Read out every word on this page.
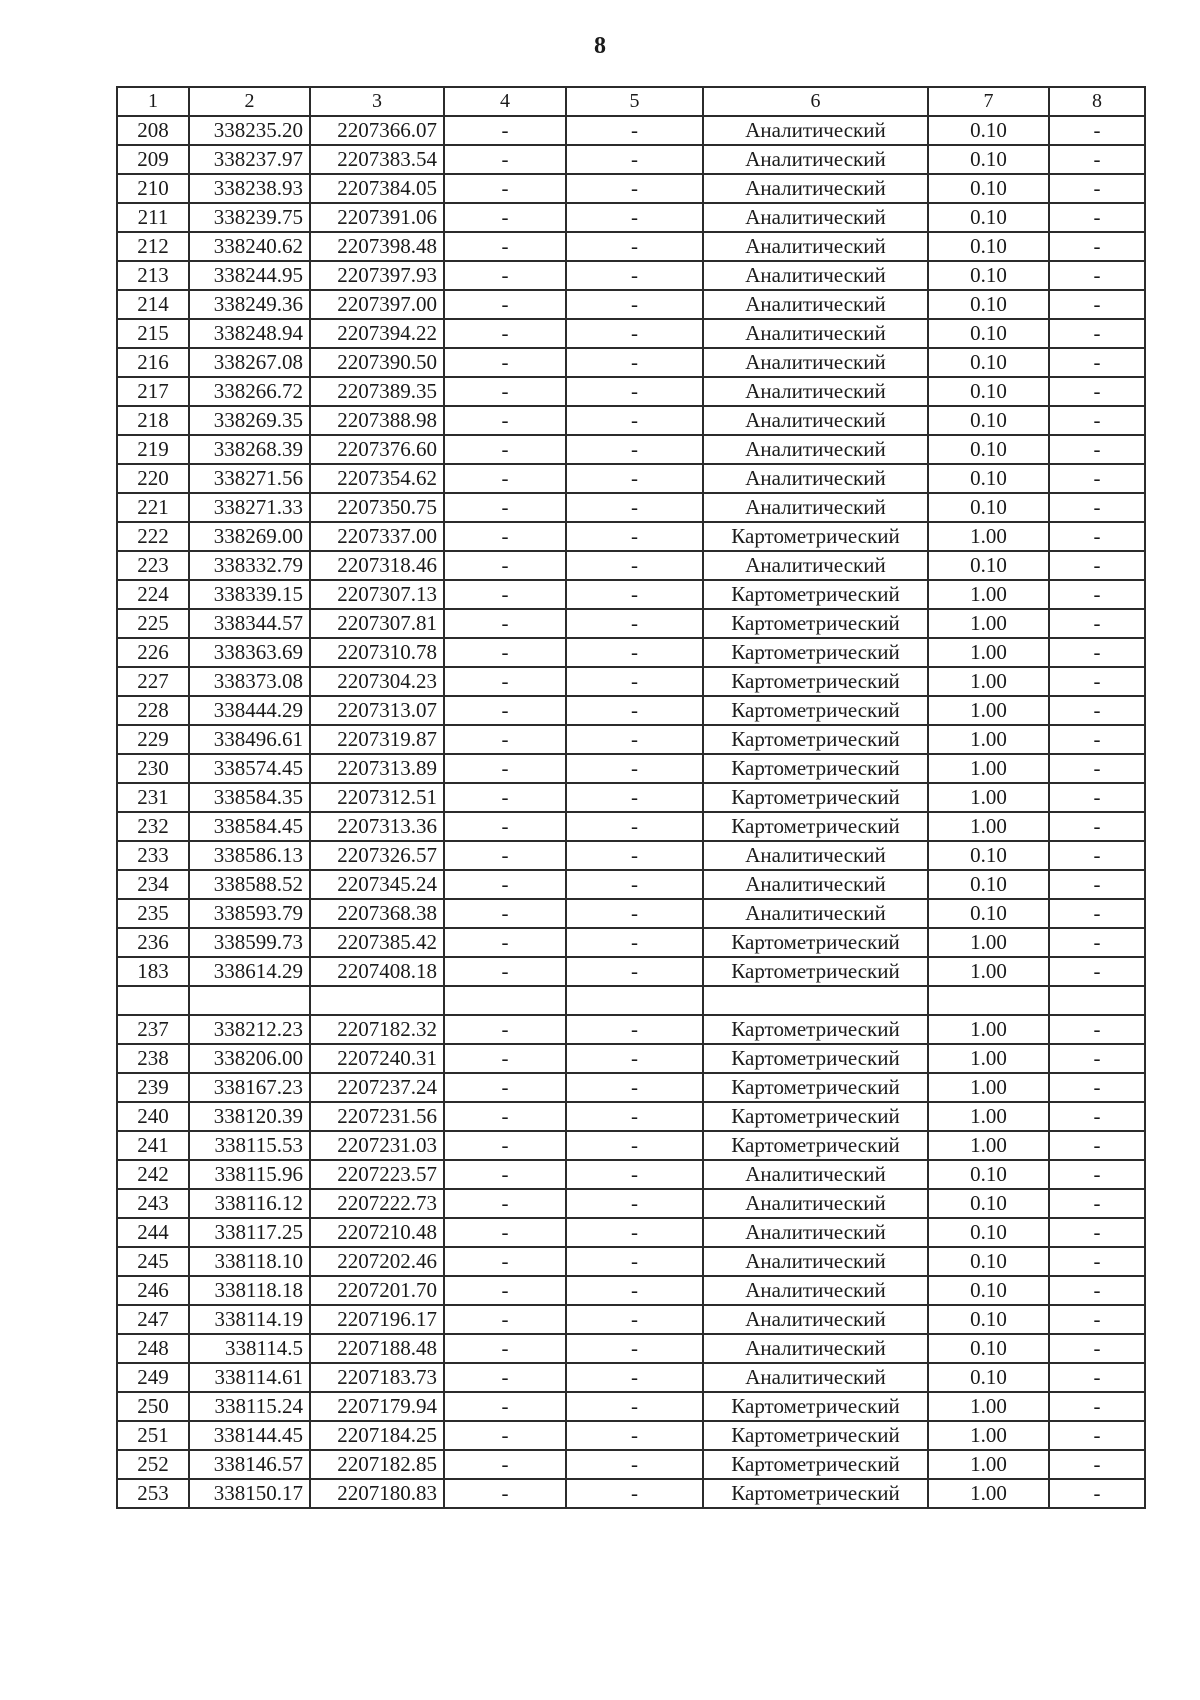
8
1	2	3	4	5	6	7	8
208	338235.20	2207366.07	-	-	Аналитический	0.10	-
209	338237.97	2207383.54	-	-	Аналитический	0.10	-
210	338238.93	2207384.05	-	-	Аналитический	0.10	-
211	338239.75	2207391.06	-	-	Аналитический	0.10	-
212	338240.62	2207398.48	-	-	Аналитический	0.10	-
213	338244.95	2207397.93	-	-	Аналитический	0.10	-
214	338249.36	2207397.00	-	-	Аналитический	0.10	-
215	338248.94	2207394.22	-	-	Аналитический	0.10	-
216	338267.08	2207390.50	-	-	Аналитический	0.10	-
217	338266.72	2207389.35	-	-	Аналитический	0.10	-
218	338269.35	2207388.98	-	-	Аналитический	0.10	-
219	338268.39	2207376.60	-	-	Аналитический	0.10	-
220	338271.56	2207354.62	-	-	Аналитический	0.10	-
221	338271.33	2207350.75	-	-	Аналитический	0.10	-
222	338269.00	2207337.00	-	-	Картометрический	1.00	-
223	338332.79	2207318.46	-	-	Аналитический	0.10	-
224	338339.15	2207307.13	-	-	Картометрический	1.00	-
225	338344.57	2207307.81	-	-	Картометрический	1.00	-
226	338363.69	2207310.78	-	-	Картометрический	1.00	-
227	338373.08	2207304.23	-	-	Картометрический	1.00	-
228	338444.29	2207313.07	-	-	Картометрический	1.00	-
229	338496.61	2207319.87	-	-	Картометрический	1.00	-
230	338574.45	2207313.89	-	-	Картометрический	1.00	-
231	338584.35	2207312.51	-	-	Картометрический	1.00	-
232	338584.45	2207313.36	-	-	Картометрический	1.00	-
233	338586.13	2207326.57	-	-	Аналитический	0.10	-
234	338588.52	2207345.24	-	-	Аналитический	0.10	-
235	338593.79	2207368.38	-	-	Аналитический	0.10	-
236	338599.73	2207385.42	-	-	Картометрический	1.00	-
183	338614.29	2207408.18	-	-	Картометрический	1.00	-

237	338212.23	2207182.32	-	-	Картометрический	1.00	-
238	338206.00	2207240.31	-	-	Картометрический	1.00	-
239	338167.23	2207237.24	-	-	Картометрический	1.00	-
240	338120.39	2207231.56	-	-	Картометрический	1.00	-
241	338115.53	2207231.03	-	-	Картометрический	1.00	-
242	338115.96	2207223.57	-	-	Аналитический	0.10	-
243	338116.12	2207222.73	-	-	Аналитический	0.10	-
244	338117.25	2207210.48	-	-	Аналитический	0.10	-
245	338118.10	2207202.46	-	-	Аналитический	0.10	-
246	338118.18	2207201.70	-	-	Аналитический	0.10	-
247	338114.19	2207196.17	-	-	Аналитический	0.10	-
248	338114.5	2207188.48	-	-	Аналитический	0.10	-
249	338114.61	2207183.73	-	-	Аналитический	0.10	-
250	338115.24	2207179.94	-	-	Картометрический	1.00	-
251	338144.45	2207184.25	-	-	Картометрический	1.00	-
252	338146.57	2207182.85	-	-	Картометрический	1.00	-
253	338150.17	2207180.83	-	-	Картометрический	1.00	-
